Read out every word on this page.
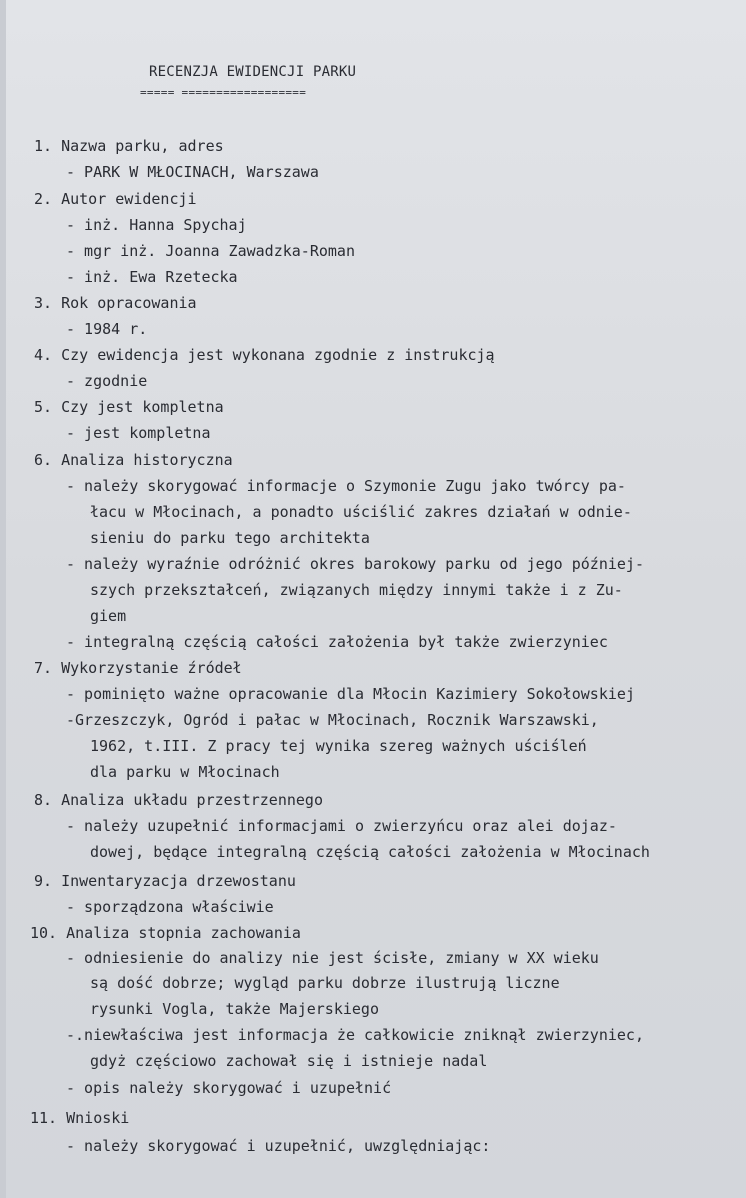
RECENZJA EWIDENCJI PARKU
===== ==================
1. Nazwa parku, adres
- PARK W MŁOCINACH, Warszawa
2. Autor ewidencji
- inż. Hanna Spychaj
- mgr inż. Joanna Zawadzka-Roman
- inż. Ewa Rzetecka
3. Rok opracowania
- 1984 r.
4. Czy ewidencja jest wykonana zgodnie z instrukcją
- zgodnie
5. Czy jest kompletna
- jest kompletna
6. Analiza historyczna
- należy skorygować informacje o Szymonie Zugu jako twórcy pa-
łacu w Młocinach, a ponadto uściślić zakres działań w odnie-
sieniu do parku tego architekta
- należy wyraźnie odróżnić okres barokowy parku od jego później-
szych przekształceń, związanych między innymi także i z Zu-
giem
- integralną częścią całości założenia był także zwierzyniec
7. Wykorzystanie źródeł
- pominięto ważne opracowanie dla Młocin Kazimiery Sokołowskiej
-Grzeszczyk, Ogród i pałac w Młocinach, Rocznik Warszawski,
1962, t.III. Z pracy tej wynika szereg ważnych uściśleń
dla parku w Młocinach
8. Analiza układu przestrzennego
- należy uzupełnić informacjami o zwierzyńcu oraz alei dojaz-
dowej, będące integralną częścią całości założenia w Młocinach
9. Inwentaryzacja drzewostanu
- sporządzona właściwie
10. Analiza stopnia zachowania
- odniesienie do analizy nie jest ścisłe, zmiany w XX wieku
są dość dobrze; wygląd parku dobrze ilustrują liczne
rysunki Vogla, także Majerskiego
-.niewłaściwa jest informacja że całkowicie zniknął zwierzyniec,
gdyż częściowo zachował się i istnieje nadal
- opis należy skorygować i uzupełnić
11. Wnioski
- należy skorygować i uzupełnić, uwzględniając:
